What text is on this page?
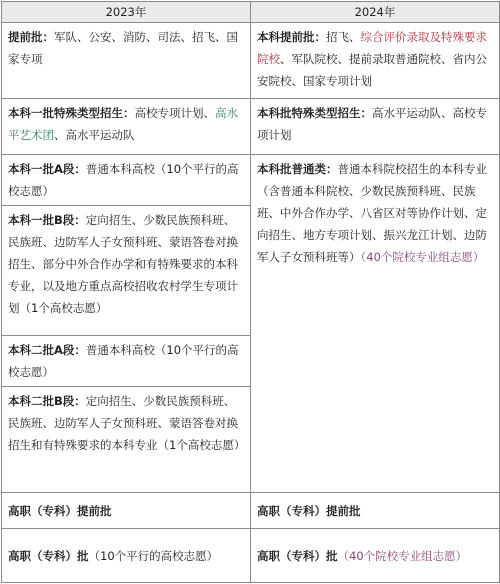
2023年	2024年
提前批：军队、公安、消防、司法、招飞、国家专项	本科提前批：招飞、综合评价录取及特殊要求院校、军队院校、提前录取普通院校、省内公安院校、国家专项计划
本科一批特殊类型招生：高校专项计划、高水平艺术团、高水平运动队	本科批特殊类型招生：高水平运动队、高校专项计划
本科一批A段：普通本科高校（10个平行的高校志愿）	本科批普通类：普通本科院校招生的本科专业（含普通本科院校、少数民族预科班、民族班、中外合作办学、八省区对等协作计划、定向招生、地方专项计划、振兴龙江计划、边防军人子女预科班等）（40个院校专业组志愿）
本科一批B段：定向招生、少数民族预科班、民族班、边防军人子女预科班、蒙语答卷对换招生、部分中外合作办学和有特殊要求的本科专业，以及地方重点高校招收农村学生专项计划（1个高校志愿）	
本科二批A段：普通本科高校（10个平行的高校志愿）	
本科二批B段：定向招生、少数民族预科班、民族班、边防军人子女预科班、蒙语答卷对换招生和有特殊要求的本科专业（1个高校志愿）	
高职（专科）提前批	高职（专科）提前批
高职（专科）批（10个平行的高校志愿）	高职（专科）批（40个院校专业组志愿）
